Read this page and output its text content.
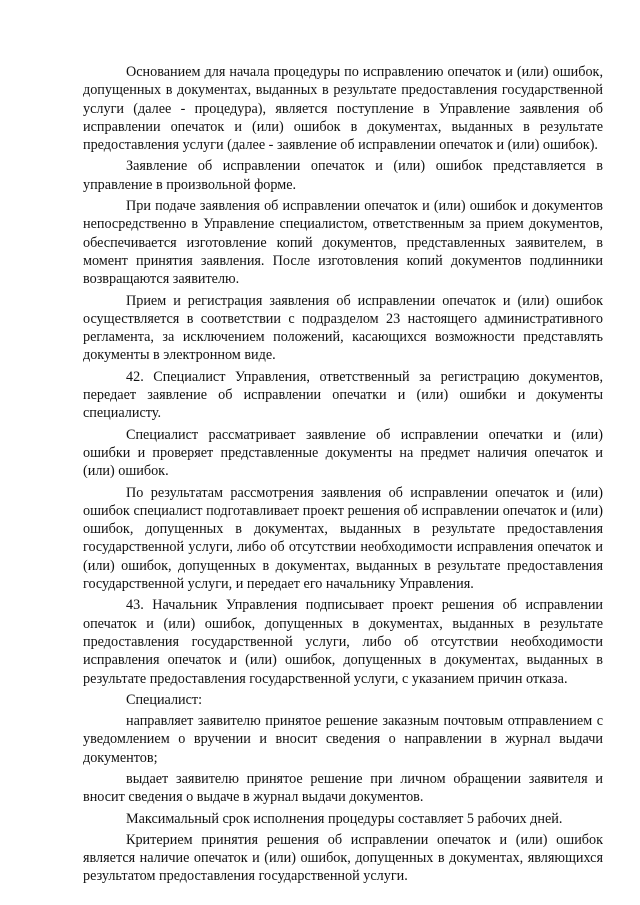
Основанием для начала процедуры по исправлению опечаток и (или) ошибок, допущенных в документах, выданных в результате предоставления государственной услуги (далее - процедура), является поступление в Управление заявления об исправлении опечаток и (или) ошибок в документах, выданных в результате предоставления услуги (далее - заявление об исправлении опечаток и (или) ошибок).

Заявление об исправлении опечаток и (или) ошибок представляется в управление в произвольной форме.

При подаче заявления об исправлении опечаток и (или) ошибок и документов непосредственно в Управление специалистом, ответственным за прием документов, обеспечивается изготовление копий документов, представленных заявителем, в момент принятия заявления. После изготовления копий документов подлинники возвращаются заявителю.

Прием и регистрация заявления об исправлении опечаток и (или) ошибок осуществляется в соответствии с подразделом 23 настоящего административного регламента, за исключением положений, касающихся возможности представлять документы в электронном виде.

42. Специалист Управления, ответственный за регистрацию документов, передает заявление об исправлении опечатки и (или) ошибки и документы специалисту.

Специалист рассматривает заявление об исправлении опечатки и (или) ошибки и проверяет представленные документы на предмет наличия опечаток и (или) ошибок.

По результатам рассмотрения заявления об исправлении опечаток и (или) ошибок специалист подготавливает проект решения об исправлении опечаток и (или) ошибок, допущенных в документах, выданных в результате предоставления государственной услуги, либо об отсутствии необходимости исправления опечаток и (или) ошибок, допущенных в документах, выданных в результате предоставления государственной услуги, и передает его начальнику Управления.

43. Начальник Управления подписывает проект решения об исправлении опечаток и (или) ошибок, допущенных в документах, выданных в результате предоставления государственной услуги, либо об отсутствии необходимости исправления опечаток и (или) ошибок, допущенных в документах, выданных в результате предоставления государственной услуги, с указанием причин отказа.

Специалист:

направляет заявителю принятое решение заказным почтовым отправлением с уведомлением о вручении и вносит сведения о направлении в журнал выдачи документов;

выдает заявителю принятое решение при личном обращении заявителя и вносит сведения о выдаче в журнал выдачи документов.

Максимальный срок исполнения процедуры составляет 5 рабочих дней.

Критерием принятия решения об исправлении опечаток и (или) ошибок является наличие опечаток и (или) ошибок, допущенных в документах, являющихся результатом предоставления государственной услуги.
